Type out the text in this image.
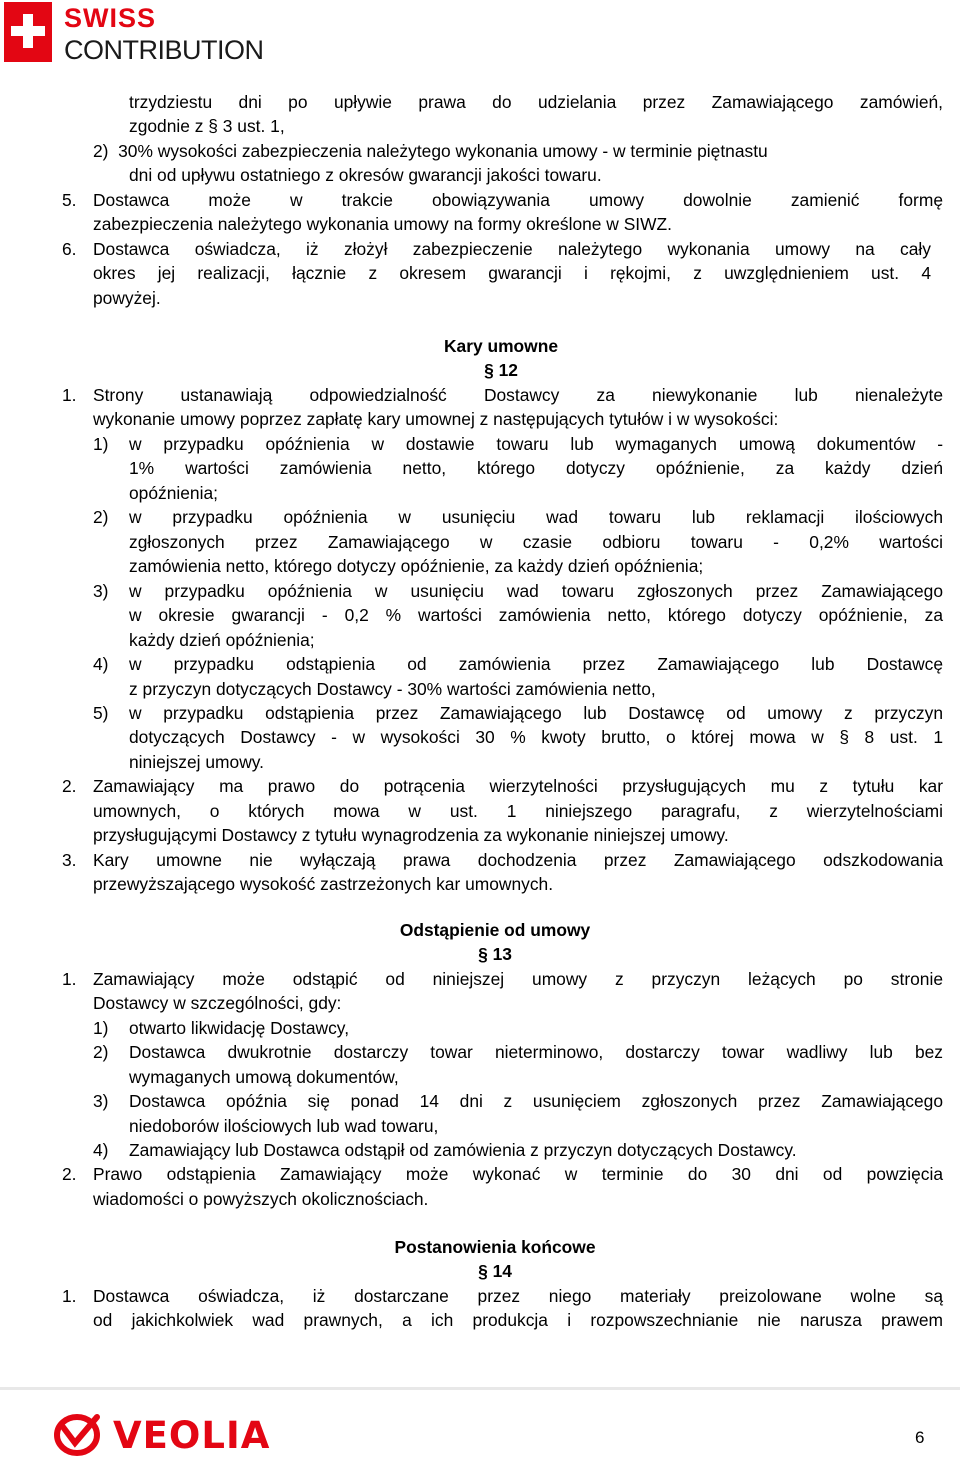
SWISS
CONTRIBUTION
trzydziestu dni po upływie prawa do udzielania przez Zamawiającego zamówień,
zgodnie z § 3 ust. 1,
2)  30% wysokości zabezpieczenia należytego wykonania umowy - w terminie piętnastu
dni od upływu ostatniego z okresów gwarancji jakości towaru.
5. Dostawca może w trakcie obowiązywania umowy dowolnie zamienić formę
zabezpieczenia należytego wykonania umowy na formy określone w SIWZ.
6. Dostawca oświadcza, iż złożył zabezpieczenie należytego wykonania umowy na cały
okres jej realizacji, łącznie z okresem gwarancji i rękojmi, z uwzględnieniem ust. 4
powyżej.
Kary umowne
§ 12
1. Strony ustanawiają odpowiedzialność Dostawcy za niewykonanie lub nienależyte
wykonanie umowy poprzez zapłatę kary umownej z następujących tytułów i w wysokości:
1) w przypadku opóźnienia w dostawie towaru lub wymaganych umową dokumentów -
1% wartości zamówienia netto, którego dotyczy opóźnienie, za każdy dzień
opóźnienia;
2) w przypadku opóźnienia w usunięciu wad towaru lub reklamacji ilościowych
zgłoszonych przez Zamawiającego w czasie odbioru towaru - 0,2% wartości
zamówienia netto, którego dotyczy opóźnienie, za każdy dzień opóźnienia;
3) w przypadku opóźnienia w usunięciu wad towaru zgłoszonych przez Zamawiającego
w okresie gwarancji - 0,2 % wartości zamówienia netto, którego dotyczy opóźnienie, za
każdy dzień opóźnienia;
4) w przypadku odstąpienia od zamówienia przez Zamawiającego lub Dostawcę
z przyczyn dotyczących Dostawcy - 30% wartości zamówienia netto,
5) w przypadku odstąpienia przez Zamawiającego lub Dostawcę od umowy z przyczyn
dotyczących Dostawcy - w wysokości 30 % kwoty brutto, o której mowa w § 8 ust. 1
niniejszej umowy.
2. Zamawiający ma prawo do potrącenia wierzytelności przysługujących mu z tytułu kar
umownych, o których mowa w ust. 1 niniejszego paragrafu, z wierzytelnościami
przysługującymi Dostawcy z tytułu wynagrodzenia za wykonanie niniejszej umowy.
3. Kary umowne nie wyłączają prawa dochodzenia przez Zamawiającego odszkodowania
przewyższającego wysokość zastrzeżonych kar umownych.
Odstąpienie od umowy
§ 13
1. Zamawiający może odstąpić od niniejszej umowy z przyczyn leżących po stronie
Dostawcy w szczególności, gdy:
1) otwarto likwidację Dostawcy,
2) Dostawca dwukrotnie dostarczy towar nieterminowo, dostarczy towar wadliwy lub bez
wymaganych umową dokumentów,
3) Dostawca opóźnia się ponad 14 dni z usunięciem zgłoszonych przez Zamawiającego
niedoborów ilościowych lub wad towaru,
4) Zamawiający lub Dostawca odstąpił od zamówienia z przyczyn dotyczących Dostawcy.
2. Prawo odstąpienia Zamawiający może wykonać w terminie do 30 dni od powzięcia
wiadomości o powyższych okolicznościach.
Postanowienia końcowe
§ 14
1. Dostawca oświadcza, iż dostarczane przez niego materiały preizolowane wolne są
od jakichkolwiek wad prawnych, a ich produkcja i rozpowszechnianie nie narusza prawem
VEOLIA	6
